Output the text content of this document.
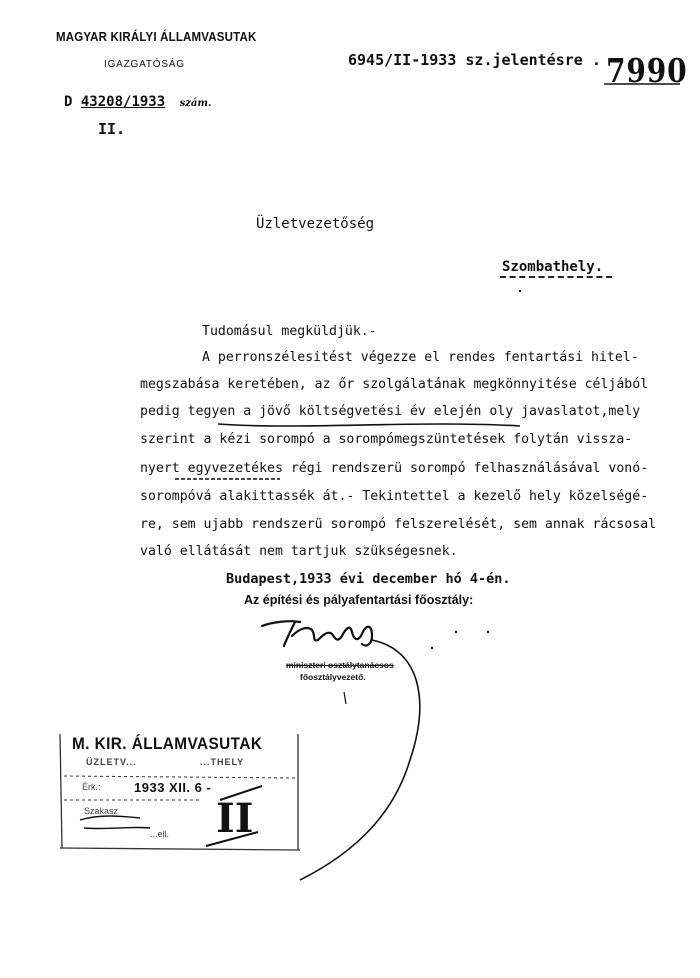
MAGYAR KIRÁLYI ÁLLAMVASUTAK
IGAZGATÓSÁG	6945/II-1933 sz.jelentésre . 7990
D 43208/1933 szám.
II.
Üzletvezetőség
Szombathely.
Tudomásul megküldjük.-
A perronszélesitést végezze el rendes fentartási hitel-
megszabása keretében, az őr szolgálatának megkönnyitése céljából
pedig tegyen a jövő költségvetési év elején oly javaslatot,mely
szerint a kézi sorompó a sorompómegszüntetések folytán vissza-
nyert egyvezetékes régi rendszerü sorompó felhasználásával vonó-
sorompóvá alakittassék át.- Tekintettel a kezelő hely közelségé-
re, sem ujabb rendszerü sorompó felszerelését, sem annak rácsosal
való ellátását nem tartjuk szükségesnek.
Budapest,1933 évi december hó 4-én.
Az építési és pályafentartási főosztály:
miniszteri osztálytanácsos
főosztályvezető.
M. KIR. ÁLLAMVASUTAK
ÜZLETV...	...THELY
Érk.:	1933 XII. 6 -
Szakasz
...ell. II
